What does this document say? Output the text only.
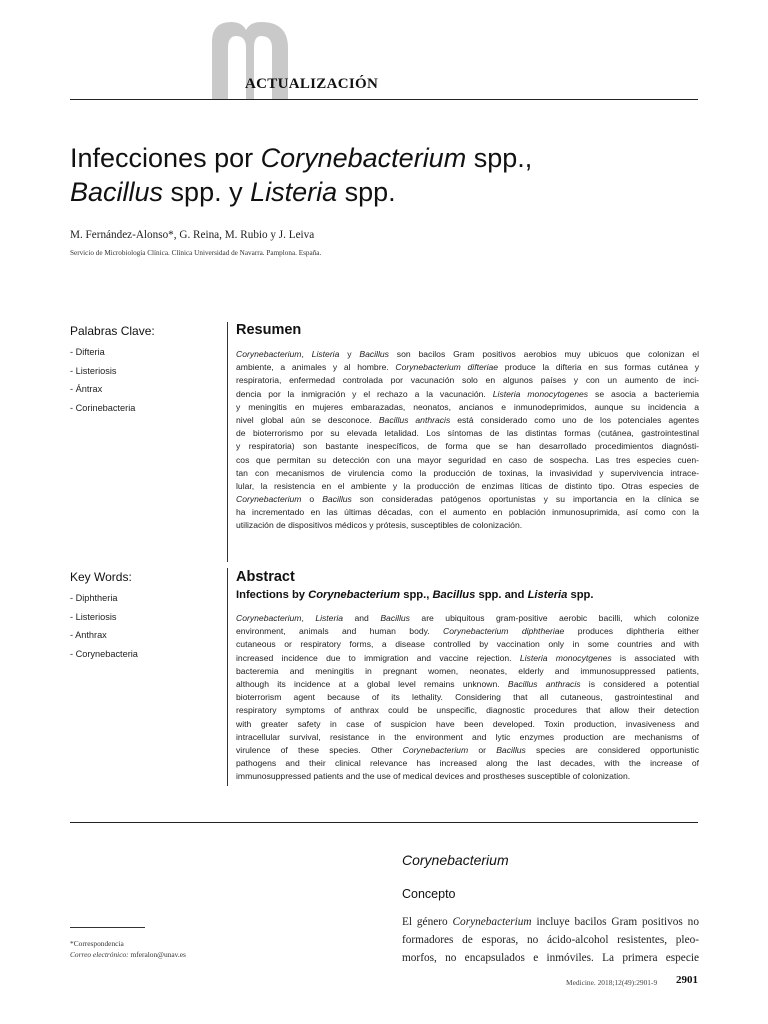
ACTUALIZACIÓN
Infecciones por Corynebacterium spp.,
Bacillus spp. y Listeria spp.
M. Fernández-Alonso*, G. Reina, M. Rubio y J. Leiva
Servicio de Microbiología Clínica. Clínica Universidad de Navarra. Pamplona. España.
Palabras Clave:
- Difteria
- Listeriosis
- Ántrax
- Corinebacteria
Resumen
Corynebacterium, Listeria y Bacillus son bacilos Gram positivos aerobios muy ubicuos que colonizan el
ambiente, a animales y al hombre. Corynebacterium difteriae produce la difteria en sus formas cutánea y
respiratoria, enfermedad controlada por vacunación solo en algunos países y con un aumento de inci-
dencia por la inmigración y el rechazo a la vacunación. Listeria monocytogenes se asocia a bacteriemia
y meningitis en mujeres embarazadas, neonatos, ancianos e inmunodeprimidos, aunque su incidencia a
nivel global aún se desconoce. Bacillus anthracis está considerado como uno de los potenciales agentes
de bioterrorismo por su elevada letalidad. Los síntomas de las distintas formas (cutánea, gastrointestinal
y respiratoria) son bastante inespecíficos, de forma que se han desarrollado procedimientos diagnósti-
cos que permitan su detección con una mayor seguridad en caso de sospecha. Las tres especies cuen-
tan con mecanismos de virulencia como la producción de toxinas, la invasividad y supervivencia intrace-
lular, la resistencia en el ambiente y la producción de enzimas líticas de distinto tipo. Otras especies de
Corynebacterium o Bacillus son consideradas patógenos oportunistas y su importancia en la clínica se
ha incrementado en las últimas décadas, con el aumento en población inmunosuprimida, así como con la
utilización de dispositivos médicos y prótesis, susceptibles de colonización.
Key Words:
- Diphtheria
- Listeriosis
- Anthrax
- Corynebacteria
Abstract
Infections by Corynebacterium spp., Bacillus spp. and Listeria spp.
Corynebacterium, Listeria and Bacillus are ubiquitous gram-positive aerobic bacilli, which colonize
environment, animals and human body. Corynebacterium diphtheriae produces diphtheria either
cutaneous or respiratory forms, a disease controlled by vaccination only in some countries and with
increased incidence due to immigration and vaccine rejection. Listeria monocytgenes is associated with
bacteremia and meningitis in pregnant women, neonates, elderly and immunosuppressed patients,
although its incidence at a global level remains unknown. Bacillus anthracis is considered a potential
bioterrorism agent because of its lethality. Considering that all cutaneous, gastrointestinal and
respiratory symptoms of anthrax could be unspecific, diagnostic procedures that allow their detection
with greater safety in case of suspicion have been developed. Toxin production, invasiveness and
intracellular survival, resistance in the environment and lytic enzymes production are mechanisms of
virulence of these species. Other Corynebacterium or Bacillus species are considered opportunistic
pathogens and their clinical relevance has increased along the last decades, with the increase of
immunosuppressed patients and the use of medical devices and prostheses susceptible of colonization.
Corynebacterium
Concepto
El género Corynebacterium incluye bacilos Gram positivos no
formadores de esporas, no ácido-alcohol resistentes, pleo-
morfos, no encapsulados e inmóviles. La primera especie
*Correspondencia
Correo electrónico: mferalon@unav.es
Medicine. 2018;12(49):2901-9 2901
